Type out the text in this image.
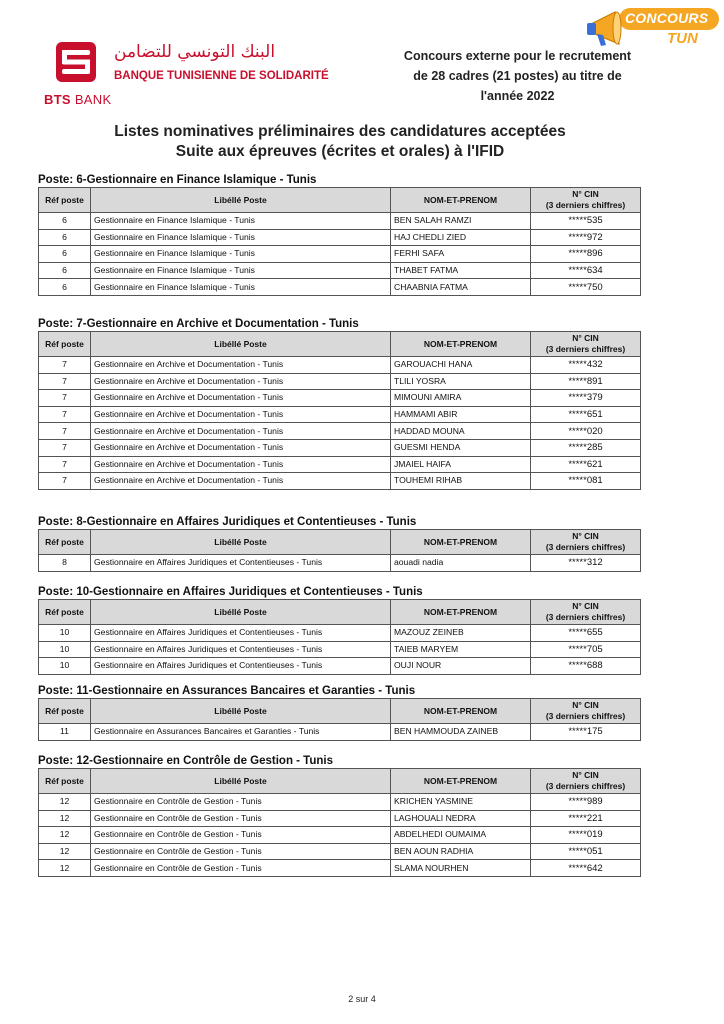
البنك التونسي للتضامن
BANQUE TUNISIENNE DE SOLIDARITÉ
BTS BANK
Concours externe pour le recrutement
de 28 cadres (21 postes) au titre de
l'année 2022
CONCOURS
TUN
Listes nominatives préliminaires des candidatures acceptées
Suite aux épreuves (écrites et orales) à l'IFID
Poste: 6-Gestionnaire en Finance Islamique - Tunis
Réf poste	Libéllé Poste	NOM-ET-PRENOM	N° CIN
(3 derniers chiffres)

6	Gestionnaire en Finance Islamique - Tunis	BEN SALAH RAMZI	*****535
6	Gestionnaire en Finance Islamique - Tunis	HAJ CHEDLI ZIED	*****972
6	Gestionnaire en Finance Islamique - Tunis	FERHI SAFA	*****896
6	Gestionnaire en Finance Islamique - Tunis	THABET FATMA	*****634
6	Gestionnaire en Finance Islamique - Tunis	CHAABNIA FATMA	*****750
Poste: 7-Gestionnaire en Archive et Documentation - Tunis
Réf poste	Libéllé Poste	NOM-ET-PRENOM	N° CIN
(3 derniers chiffres)

7	Gestionnaire en Archive et Documentation - Tunis	GAROUACHI HANA	*****432
7	Gestionnaire en Archive et Documentation - Tunis	TLILI YOSRA	*****891
7	Gestionnaire en Archive et Documentation - Tunis	MIMOUNI AMIRA	*****379
7	Gestionnaire en Archive et Documentation - Tunis	HAMMAMI ABIR	*****651
7	Gestionnaire en Archive et Documentation - Tunis	HADDAD MOUNA	*****020
7	Gestionnaire en Archive et Documentation - Tunis	GUESMI HENDA	*****285
7	Gestionnaire en Archive et Documentation - Tunis	JMAIEL HAIFA	*****621
7	Gestionnaire en Archive et Documentation - Tunis	TOUHEMI RIHAB	*****081
Poste: 8-Gestionnaire en Affaires Juridiques et Contentieuses - Tunis
Réf poste	Libéllé Poste	NOM-ET-PRENOM	N° CIN
(3 derniers chiffres)

8	Gestionnaire en Affaires Juridiques et Contentieuses - Tunis	aouadi nadia	*****312
Poste: 10-Gestionnaire en Affaires Juridiques et Contentieuses - Tunis
Réf poste	Libéllé Poste	NOM-ET-PRENOM	N° CIN
(3 derniers chiffres)

10	Gestionnaire en Affaires Juridiques et Contentieuses - Tunis	MAZOUZ ZEINEB	*****655
10	Gestionnaire en Affaires Juridiques et Contentieuses - Tunis	TAIEB MARYEM	*****705
10	Gestionnaire en Affaires Juridiques et Contentieuses - Tunis	OUJI NOUR	*****688
Poste: 11-Gestionnaire en Assurances Bancaires et Garanties - Tunis
Réf poste	Libéllé Poste	NOM-ET-PRENOM	N° CIN
(3 derniers chiffres)

11	Gestionnaire en Assurances Bancaires et Garanties - Tunis	BEN HAMMOUDA ZAINEB	*****175
Poste: 12-Gestionnaire en Contrôle de Gestion - Tunis
Réf poste	Libéllé Poste	NOM-ET-PRENOM	N° CIN
(3 derniers chiffres)

12	Gestionnaire en Contrôle de Gestion - Tunis	KRICHEN YASMINE	*****989
12	Gestionnaire en Contrôle de Gestion - Tunis	LAGHOUALI NEDRA	*****221
12	Gestionnaire en Contrôle de Gestion - Tunis	ABDELHEDI OUMAIMA	*****019
12	Gestionnaire en Contrôle de Gestion - Tunis	BEN AOUN RADHIA	*****051
12	Gestionnaire en Contrôle de Gestion - Tunis	SLAMA NOURHEN	*****642
2 sur 4
